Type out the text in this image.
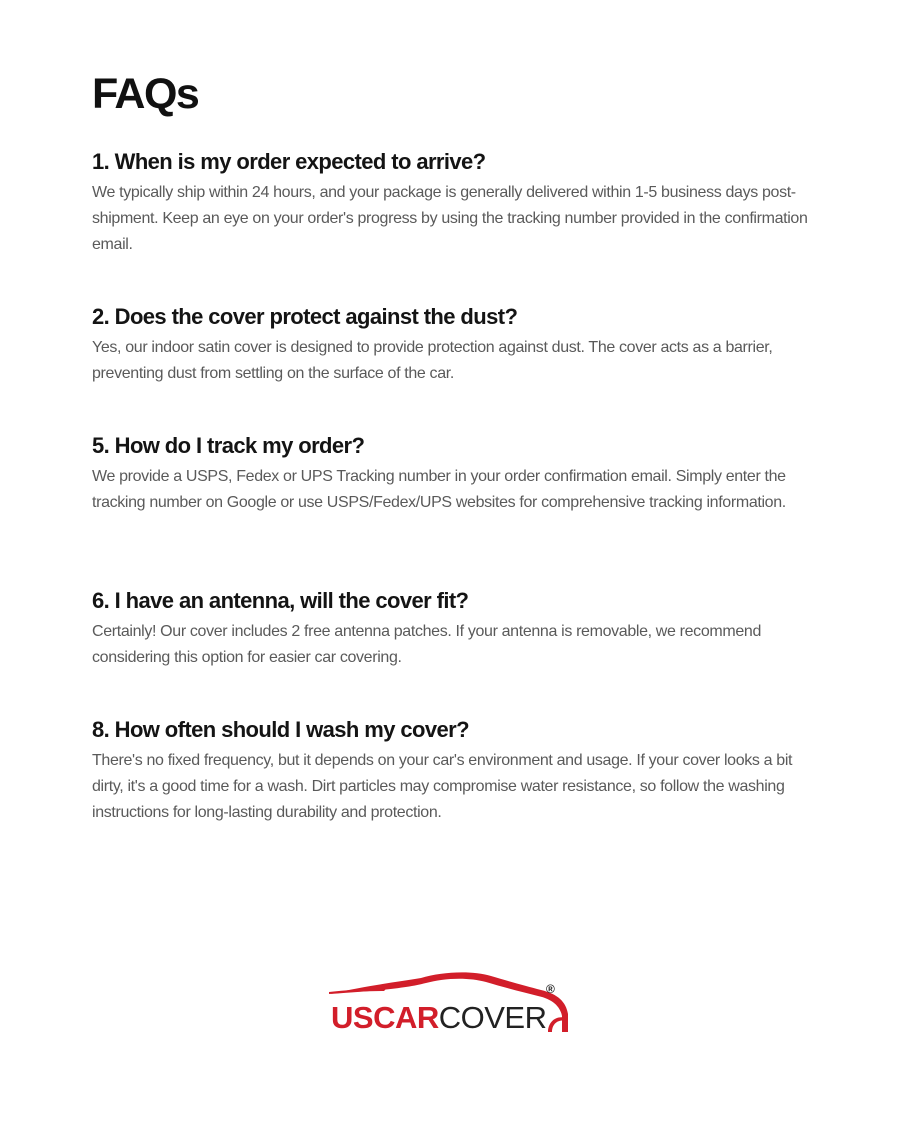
FAQs
1. When is my order expected to arrive?

We typically ship within 24 hours, and your package is generally delivered within 1-5 business days post-shipment. Keep an eye on your order's progress by using the tracking number provided in the confirmation email.

2. Does the cover protect against the dust?

Yes, our indoor satin cover is designed to provide protection against dust. The cover acts as a barrier, preventing dust from settling on the surface of the car.

5. How do I track my order?

We provide a USPS, Fedex or UPS Tracking number in your order confirmation email. Simply enter the tracking number on Google or use USPS/Fedex/UPS websites for comprehensive tracking information.

6. I have an antenna, will the cover fit?

Certainly! Our cover includes 2 free antenna patches. If your antenna is removable, we recommend considering this option for easier car covering.

8. How often should I wash my cover?

There's no fixed frequency, but it depends on your car's environment and usage. If your cover looks a bit dirty, it's a good time for a wash. Dirt particles may compromise water resistance, so follow the washing instructions for long-lasting durability and protection.

USCARCOVER
®
